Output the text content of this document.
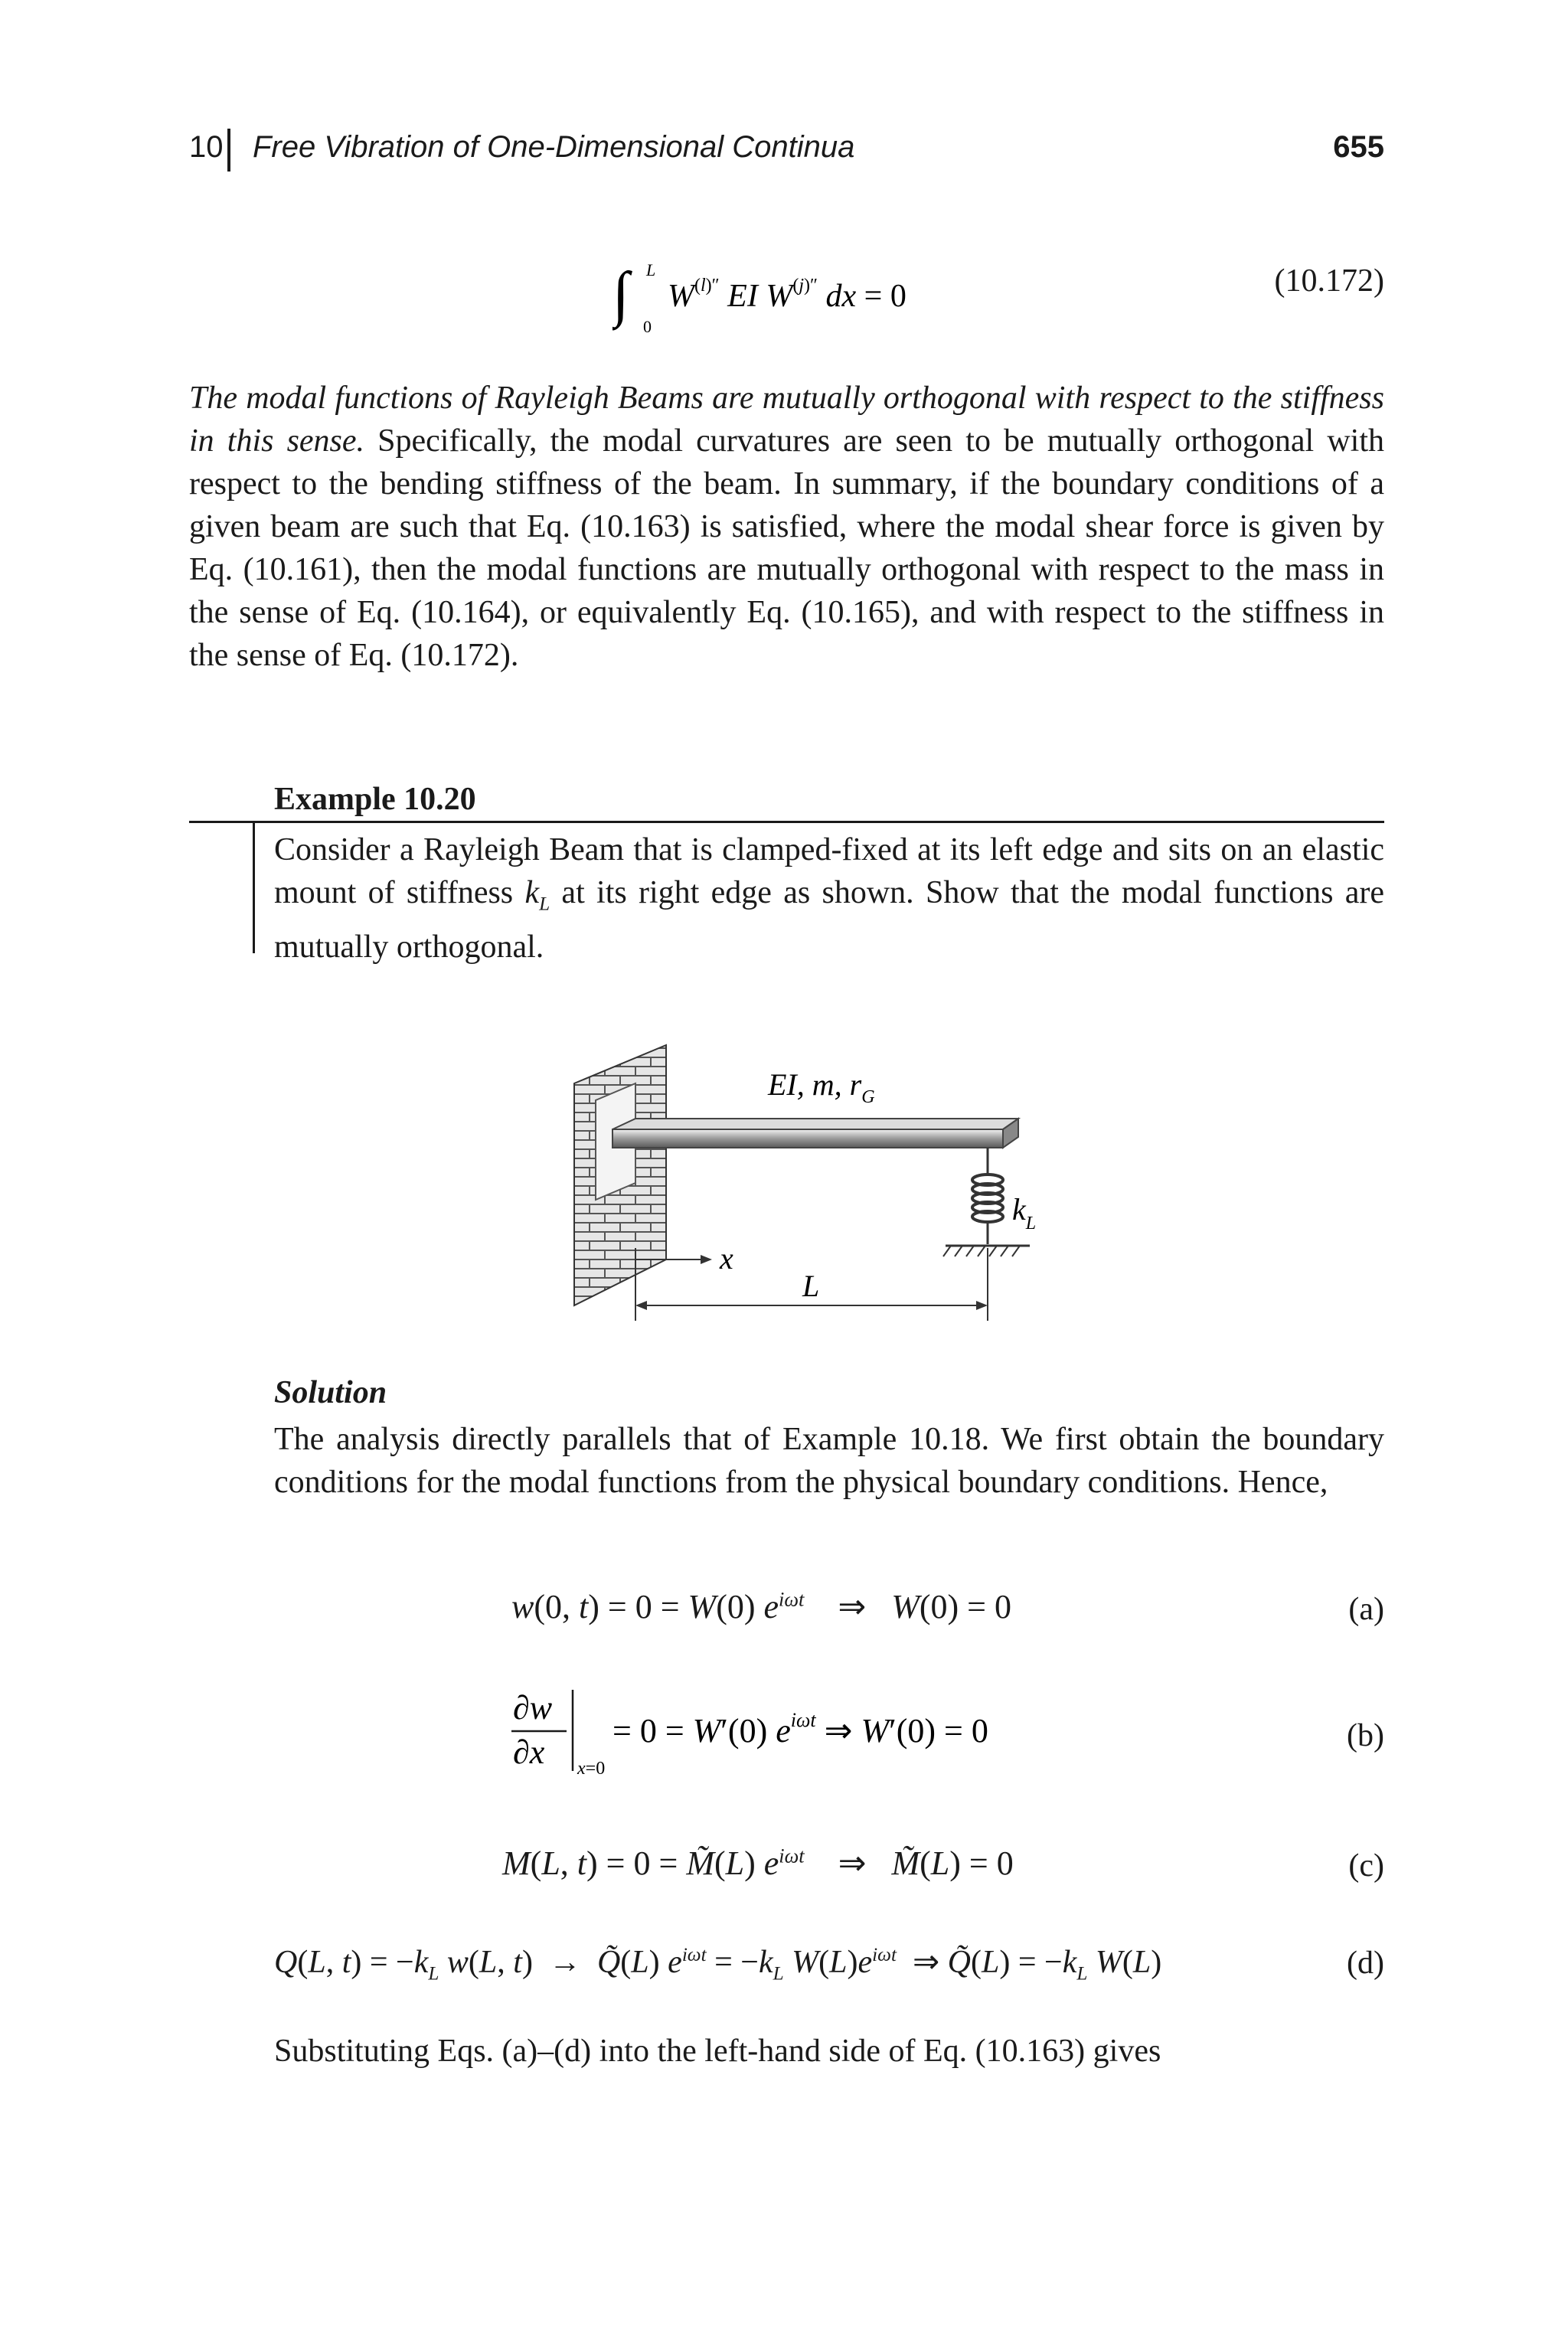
10 Free Vibration of One-Dimensional Continua	655
∫ L
0
W(l)″ EI W(j)″ dx = 0	(10.172)
The modal functions of Rayleigh Beams are mutually orthogonal with respect to the stiffness in this sense. Specifically, the modal curvatures are seen to be mutually orthogonal with respect to the bending stiffness of the beam. In summary, if the boundary conditions of a given beam are such that Eq. (10.163) is satisfied, where the modal shear force is given by Eq. (10.161), then the modal functions are mutually orthogonal with respect to the mass in the sense of Eq. (10.164), or equivalently Eq. (10.165), and with respect to the stiffness in the sense of Eq. (10.172).
Example 10.20
Consider a Rayleigh Beam that is clamped-fixed at its left edge and sits on an elastic mount of stiffness $k_L$ at its right edge as shown. Show that the modal functions are mutually orthogonal.
EI, m, $r_G$
$k_L$
x
L
Solution
The analysis directly parallels that of Example 10.18. We first obtain the boundary conditions for the modal functions from the physical boundary conditions. Hence,
w(0, t) = 0 = W(0) $e^{i\omega t}$    ⇒   W(0) = 0	(a)
∂w
∂x x=0
= 0 = W′(0) $e^{i\omega t}$ ⇒ W′(0) = 0	(b)
M(L, t) = 0 = M̃(L) $e^{i\omega t}$    ⇒   M̃(L) = 0	(c)
Q(L, $t) = -k_L$ w(L, t)  →  Q̃(L) $e^{i\omega t} = -k_L$ $W(L)e^{i\omega t}$  ⇒ Q̃(L) = $-k_L$ W(L)	(d)
Substituting Eqs. (a)–(d) into the left-hand side of Eq. (10.163) gives
